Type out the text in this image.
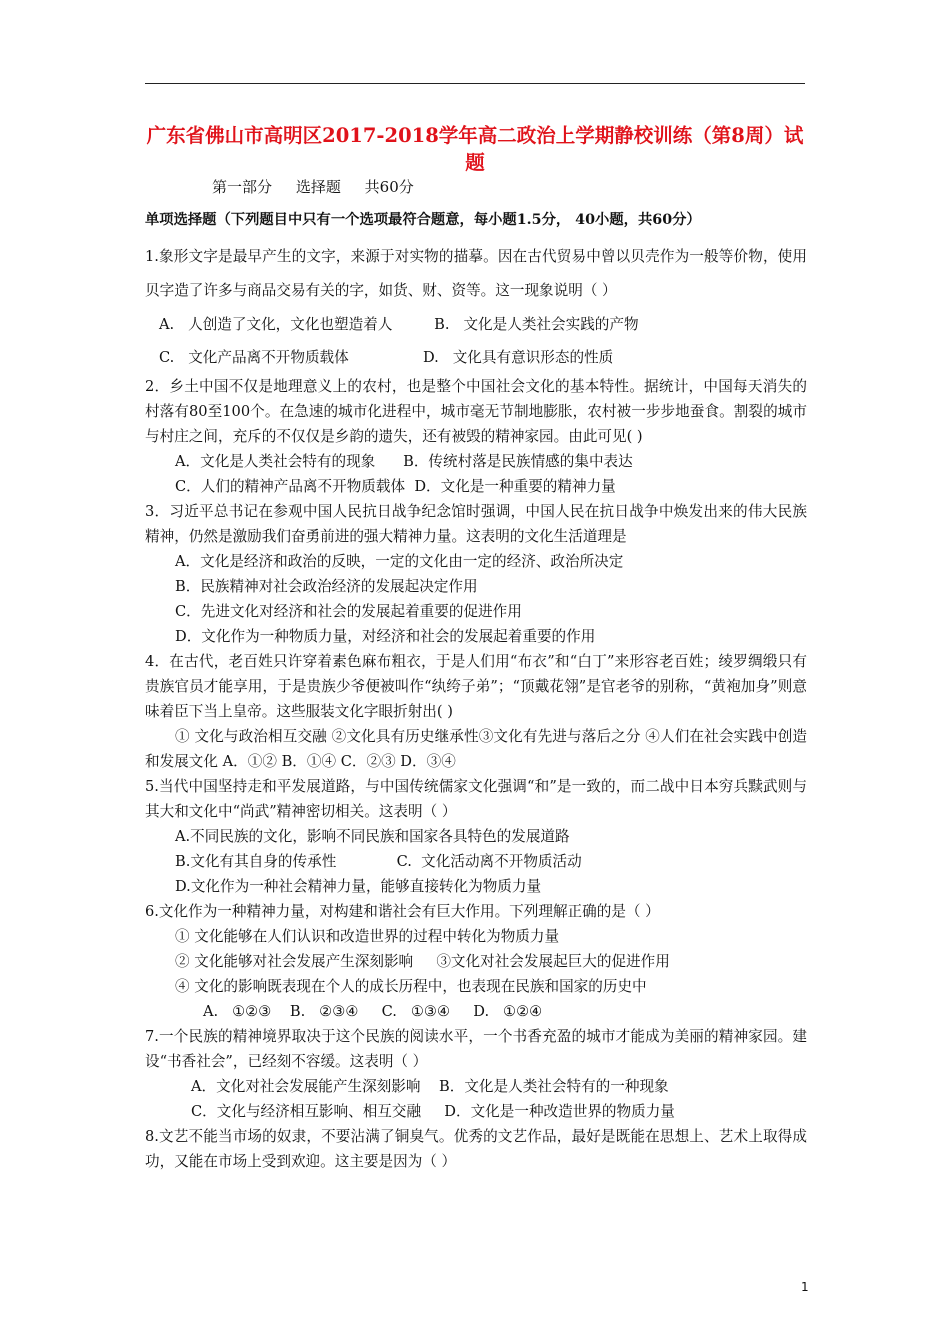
广东省佛山市高明区2017-2018学年高二政治上学期静校训练（第8周）试题
第一部分     选择题     共60分
单项选择题（下列题目中只有一个选项最符合题意，每小题1.5分， 40小题，共60分）

1.象形文字是最早产生的文字，来源于对实物的描摹。因在古代贸易中曾以贝壳作为一般等价物，使用贝字造了许多与商品交易有关的字，如货、财、资等。这一现象说明（ ）

A.   人创造了文化，文化也塑造着人         B.   文化是人类社会实践的产物

C.   文化产品离不开物质载体                D.   文化具有意识形态的性质

2．乡土中国不仅是地理意义上的农村，也是整个中国社会文化的基本特性。据统计，中国每天消失的村落有80至100个。在急速的城市化进程中，城市毫无节制地膨胀，农村被一步步地蚕食。割裂的城市与村庄之间，充斥的不仅仅是乡韵的遗失，还有被毁的精神家园。由此可见( )

A．文化是人类社会特有的现象      B．传统村落是民族情感的集中表达

C．人们的精神产品离不开物质载体  D．文化是一种重要的精神力量

3．习近平总书记在参观中国人民抗日战争纪念馆时强调，中国人民在抗日战争中焕发出来的伟大民族精神，仍然是激励我们奋勇前进的强大精神力量。这表明的文化生活道理是

A．文化是经济和政治的反映，一定的文化由一定的经济、政治所决定

B．民族精神对社会政治经济的发展起决定作用

C．先进文化对经济和社会的发展起着重要的促进作用

D．文化作为一种物质力量，对经济和社会的发展起着重要的作用

4．在古代，老百姓只许穿着素色麻布粗衣，于是人们用“布衣”和“白丁”来形容老百姓；绫罗绸缎只有贵族官员才能享用，于是贵族少爷便被叫作“纨绔子弟”；“顶戴花翎”是官老爷的别称，“黄袍加身”则意味着臣下当上皇帝。这些服装文化字眼折射出( )

① 文化与政治相互交融 ②文化具有历史继承性③文化有先进与落后之分 ④人们在社会实践中创造和发展文化 A．①② B．①④ C．②③ D．③④

5.当代中国坚持走和平发展道路，与中国传统儒家文化强调“和”是一致的，而二战中日本穷兵黩武则与其大和文化中“尚武”精神密切相关。这表明（ ）

A.不同民族的文化，影响不同民族和国家各具特色的发展道路

B.文化有其自身的传承性             C.  文化活动离不开物质活动

D.文化作为一种社会精神力量，能够直接转化为物质力量

6.文化作为一种精神力量，对构建和谐社会有巨大作用。下列理解正确的是（ ）

① 文化能够在人们认识和改造世界的过程中转化为物质力量

② 文化能够对社会发展产生深刻影响     ③文化对社会发展起巨大的促进作用

④ 文化的影响既表现在个人的成长历程中，也表现在民族和国家的历史中

A.   ①②③    B.   ②③④     C.   ①③④     D.   ①②④

7.一个民族的精神境界取决于这个民族的阅读水平，一个书香充盈的城市才能成为美丽的精神家园。建设“书香社会”，已经刻不容缓。这表明（ ）

A．文化对社会发展能产生深刻影响    B．文化是人类社会特有的一种现象

C．文化与经济相互影响、相互交融     D．文化是一种改造世界的物质力量

8.文艺不能当市场的奴隶，不要沾满了铜臭气。优秀的文艺作品，最好是既能在思想上、艺术上取得成功，又能在市场上受到欢迎。这主要是因为（ ）

1
